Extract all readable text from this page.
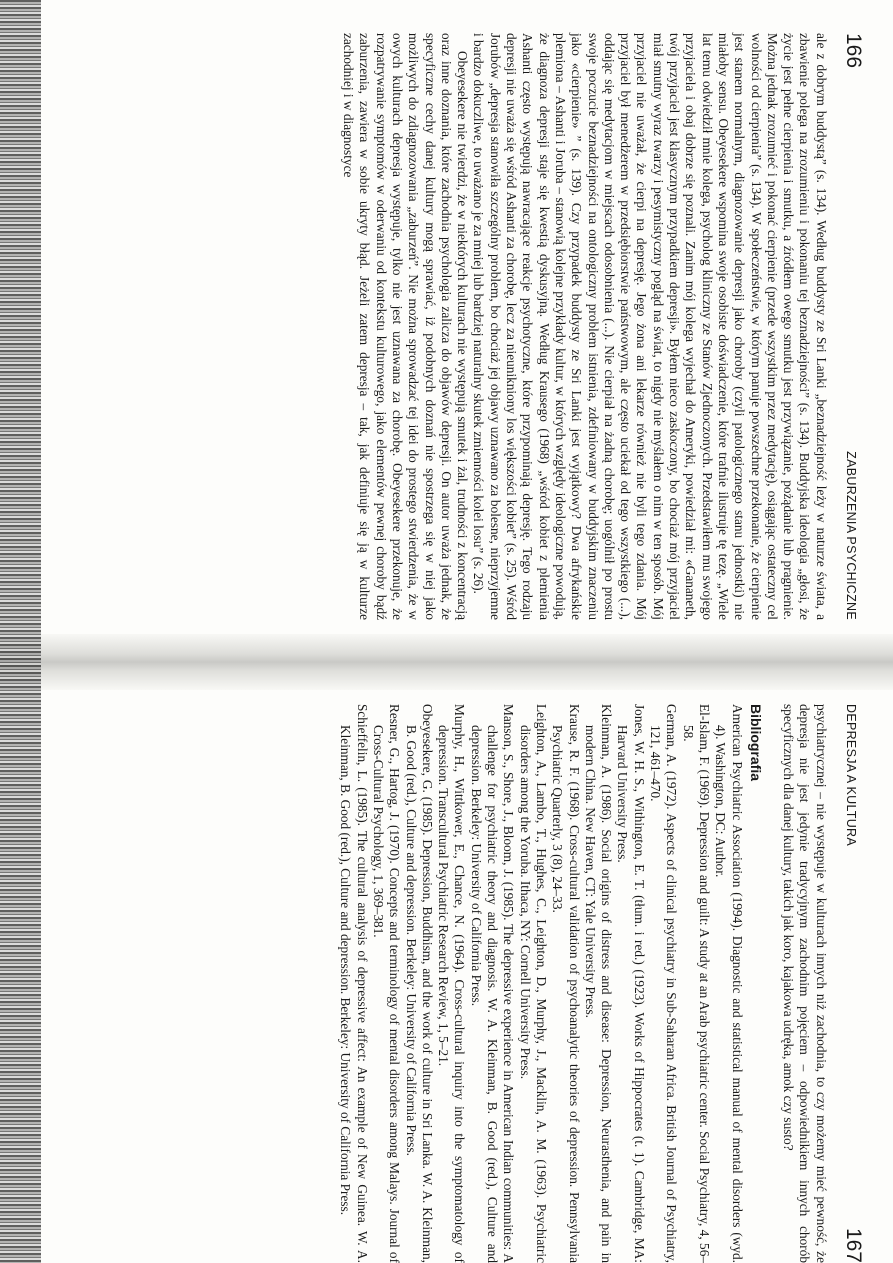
166
ZABURZENIA PSYCHICZNE

ale z dobrym buddystą” (s. 134). Według buddysty ze Sri Lanki „beznadziejność leży w naturze świata, a zbawienie polega na zrozumieniu i pokonaniu tej beznadziejności” (s. 134). Buddyjska ideologia „głosi, że życie jest pełne cierpienia i smutku, a źródłem owego smutku jest przywiązanie, pożądanie lub pragnienie. Można jednak zrozumieć i pokonać cierpienie (przede wszystkim przez medytację), osiągając ostateczny cel wolności od cierpienia” (s. 134). W społeczeństwie, w którym panuje powszechne przekonanie, że cierpienie jest stanem normalnym, diagnozowanie depresji jako choroby (czyli patologicznego stanu jednostki) nie miałoby sensu. Obeyesekere wspomina swoje osobiste doświadczenie, które trafnie ilustruje tę tezę. „Wiele lat temu odwiedził mnie kolega, psycholog kliniczny ze Stanów Zjednoczonych. Przedstawiłem mu swojego przyjaciela i obaj dobrze się poznali. Zanim mój kolega wyjechał do Ameryki, powiedział mi: «Gananeth, twój przyjaciel jest klasycznym przypadkiem depresji». Byłem nieco zaskoczony, bo chociaż mój przyjaciel miał smutny wyraz twarzy i pesymistyczny pogląd na świat, to nigdy nie myślałem o nim w ten sposób. Mój przyjaciel nie uważał, że cierpi na depresję. Jego żona ani lekarze również nie byli tego zdania. Mój przyjaciel był menedżerem w przedsiębiorstwie państwowym, ale często uciekał od tego wszystkiego (...), oddając się medytacjom w miejscach odosobnienia (...). Nie cierpiał na żadną chorobę; uogólnił po prostu swoje poczucie beznadziejności na ontologiczny problem istnienia, zdefiniowany w buddyjskim znaczeniu jako «cierpienie» ” (s. 139). Czy przypadek buddysty ze Sri Lanki jest wyjątkowy? Dwa afrykańskie plemiona – Ashanti i Joruba – stanowią kolejne przykłady kultur, w których względy ideologiczne powodują, że diagnoza depresji staje się kwestią dyskusyjną. Według Krausego (1968) „wśród kobiet z plemienia Ashanti często występują nawracające reakcje psychotyczne, które przypominają depresję. Tego rodzaju depresji nie uważa się wśród Ashanti za chorobę, lecz za nieunikniony los większości kobiet” (s. 25). Wśród Jorubów „depresja stanowiła szczególny problem, bo chociaż jej objawy uznawano za bolesne, nieprzyjemne i bardzo dokuczliwe, to uważano je za mniej lub bardziej naturalny skutek zmienności kolei losu” (s. 26).

Obeyesekere nie twierdzi, że w niektórych kulturach nie występują smutek i żal, trudności z koncentracją oraz inne doznania, które zachodnia psychologia zalicza do objawów depresji. On autor uważa jednak, że specyficzne cechy danej kultury mogą sprawiać, iż podobnych doznań nie spostrzega się w niej jako możliwych do zdiagnozowania „zaburzeń”. Nie można sprowadzać tej idei do prostego stwierdzenia, że w owych kulturach depresja występuje, tylko nie jest uznawana za chorobę. Obeyesekere przekonuje, że rozpatrywanie symptomów w oderwaniu od kontekstu kulturowego, jako elementów pewnej choroby bądź zaburzenia, zawiera w sobie ukryty błąd. Jeżeli zatem depresja – tak, jak definiuje się ją w kulturze zachodniej i w diagnostyce

DEPRESJA A KULTURA
167

psychiatrycznej – nie występuje w kulturach innych niż zachodnia, to czy możemy mieć pewność, że depresja nie jest jedynie tradycyjnym zachodnim pojęciem – odpowiednikiem innych chorób specyficznych dla danej kultury, takich jak koro, kajakowa udręka, amok czy susto?

Bibliografia
American Psychiatric Association (1994). Diagnostic and statistical manual of mental disorders (wyd. 4). Washington, DC: Author.
El-Islam, F. (1969). Depression and guilt: A study at an Arab psychiatric center. Social Psychiatry, 4, 56–58.
German, A. (1972). Aspects of clinical psychiatry in Sub-Saharan Africa. British Journal of Psychiatry, 121, 461–470.
Jones, W. H. S., Withington, E. T. (tłum. i red.) (1923). Works of Hippocrates (t. 1). Cambridge, MA: Harvard University Press.
Kleinman, A. (1986). Social origins of distress and disease: Depression, Neurasthenia, and pain in modern China. New Haven, CT: Yale University Press.
Krause, R. F. (1968). Cross-cultural validation of psychoanalytic theories of depression. Pennsylvania Psychiatric Quarterly, 3 (8), 24–33.
Leighton, A., Lambo, T., Hughes, C., Leighton, D., Murphy, J., Macklin, A. M. (1963). Psychiatric disorders among the Yoruba. Ithaca, NY: Cornell University Press.
Manson, S., Shore, J., Bloom, J. (1985). The depressive experience in American Indian communities: A challenge for psychiatric theory and diagnosis. W. A. Kleinman, B. Good (red.), Culture and depression. Berkeley: University of California Press.
Murphy, H., Wittkower, E., Chance, N. (1964). Cross-cultural inquiry into the symptomatology of depression. Transcultural Psychiatric Research Review, 1, 5–21.
Obeyesekere, G. (1985). Depression, Buddhism, and the work of culture in Sri Lanka. W. A. Kleinman, B. Good (red.), Culture and depression. Berkeley: University of California Press.
Resner, G., Hartog, J. (1970). Concepts and terminology of mental disorders among Malays. Journal of Cross-Cultural Psychology, 1, 369–381.
Schieffelin, L. (1985). The cultural analysis of depressive affect: An example of New Guinea. W. A. Kleinman, B. Good (red.), Culture and depression. Berkeley: University of California Press.
